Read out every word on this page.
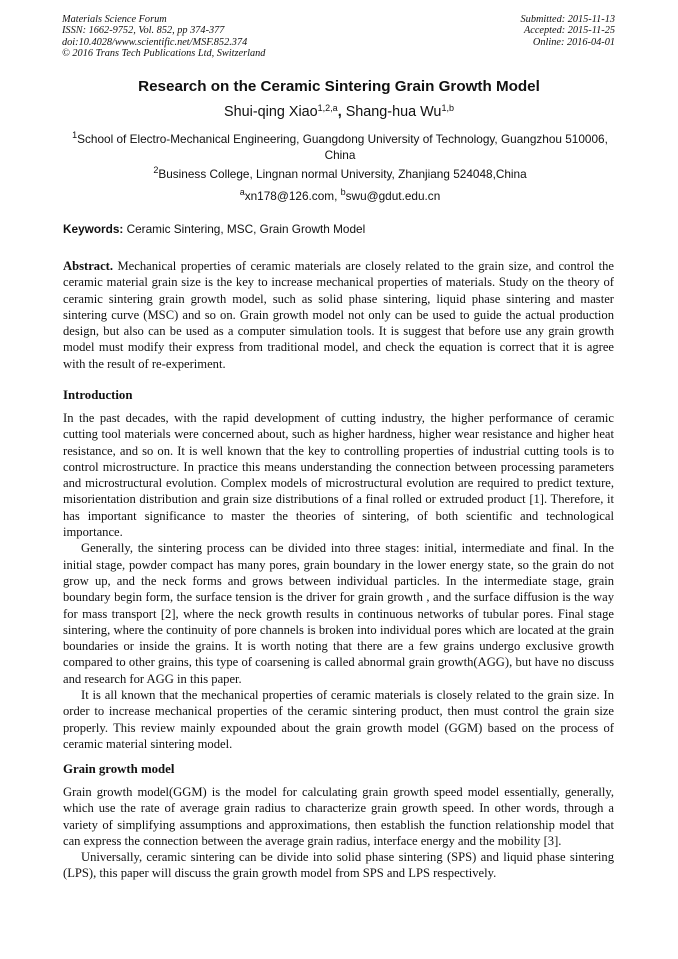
Materials Science Forum
ISSN: 1662-9752, Vol. 852, pp 374-377
doi:10.4028/www.scientific.net/MSF.852.374
© 2016 Trans Tech Publications Ltd, Switzerland
Submitted: 2015-11-13
Accepted: 2015-11-25
Online: 2016-04-01
Research on the Ceramic Sintering Grain Growth Model
Shui-qing Xiao$^{1,2,a}$, Shang-hua Wu$^{1,b}$
$^1$School of Electro-Mechanical Engineering, Guangdong University of Technology, Guangzhou 510006, China
$^2$Business College, Lingnan normal University, Zhanjiang 524048,China
$^a$xn178@126.com, $^b$swu@gdut.edu.cn
Keywords: Ceramic Sintering, MSC, Grain Growth Model

Abstract. Mechanical properties of ceramic materials are closely related to the grain size, and control the ceramic material grain size is the key to increase mechanical properties of materials. Study on the theory of ceramic sintering grain growth model, such as solid phase sintering, liquid phase sintering and master sintering curve (MSC) and so on. Grain growth model not only can be used to guide the actual production design, but also can be used as a computer simulation tools. It is suggest that before use any grain growth model must modify their express from traditional model, and check the equation is correct that it is agree with the result of re-experiment.

Introduction

In the past decades, with the rapid development of cutting industry, the higher performance of ceramic cutting tool materials were concerned about, such as higher hardness, higher wear resistance and higher heat resistance, and so on. It is well known that the key to controlling properties of industrial cutting tools is to control microstructure. In practice this means understanding the connection between processing parameters and microstructural evolution. Complex models of microstructural evolution are required to predict texture, misorientation distribution and grain size distributions of a final rolled or extruded product [1]. Therefore, it has important significance to master the theories of sintering, of both scientific and technological importance.

Generally, the sintering process can be divided into three stages: initial, intermediate and final. In the initial stage, powder compact has many pores, grain boundary in the lower energy state, so the grain do not grow up, and the neck forms and grows between individual particles. In the intermediate stage, grain boundary begin form, the surface tension is the driver for grain growth , and the surface diffusion is the way for mass transport [2], where the neck growth results in continuous networks of tubular pores. Final stage sintering, where the continuity of pore channels is broken into individual pores which are located at the grain boundaries or inside the grains. It is worth noting that there are a few grains undergo exclusive growth compared to other grains, this type of coarsening is called abnormal grain growth(AGG), but have no discuss and research for AGG in this paper.

It is all known that the mechanical properties of ceramic materials is closely related to the grain size. In order to increase mechanical properties of the ceramic sintering product, then must control the grain size properly. This review mainly expounded about the grain growth model (GGM) based on the process of ceramic material sintering model.

Grain growth model

Grain growth model(GGM) is the model for calculating grain growth speed model essentially, generally, which use the rate of average grain radius to characterize grain growth speed. In other words, through a variety of simplifying assumptions and approximations, then establish the function relationship model that can express the connection between the average grain radius, interface energy and the mobility [3].

Universally, ceramic sintering can be divide into solid phase sintering (SPS) and liquid phase sintering (LPS), this paper will discuss the grain growth model from SPS and LPS respectively.
